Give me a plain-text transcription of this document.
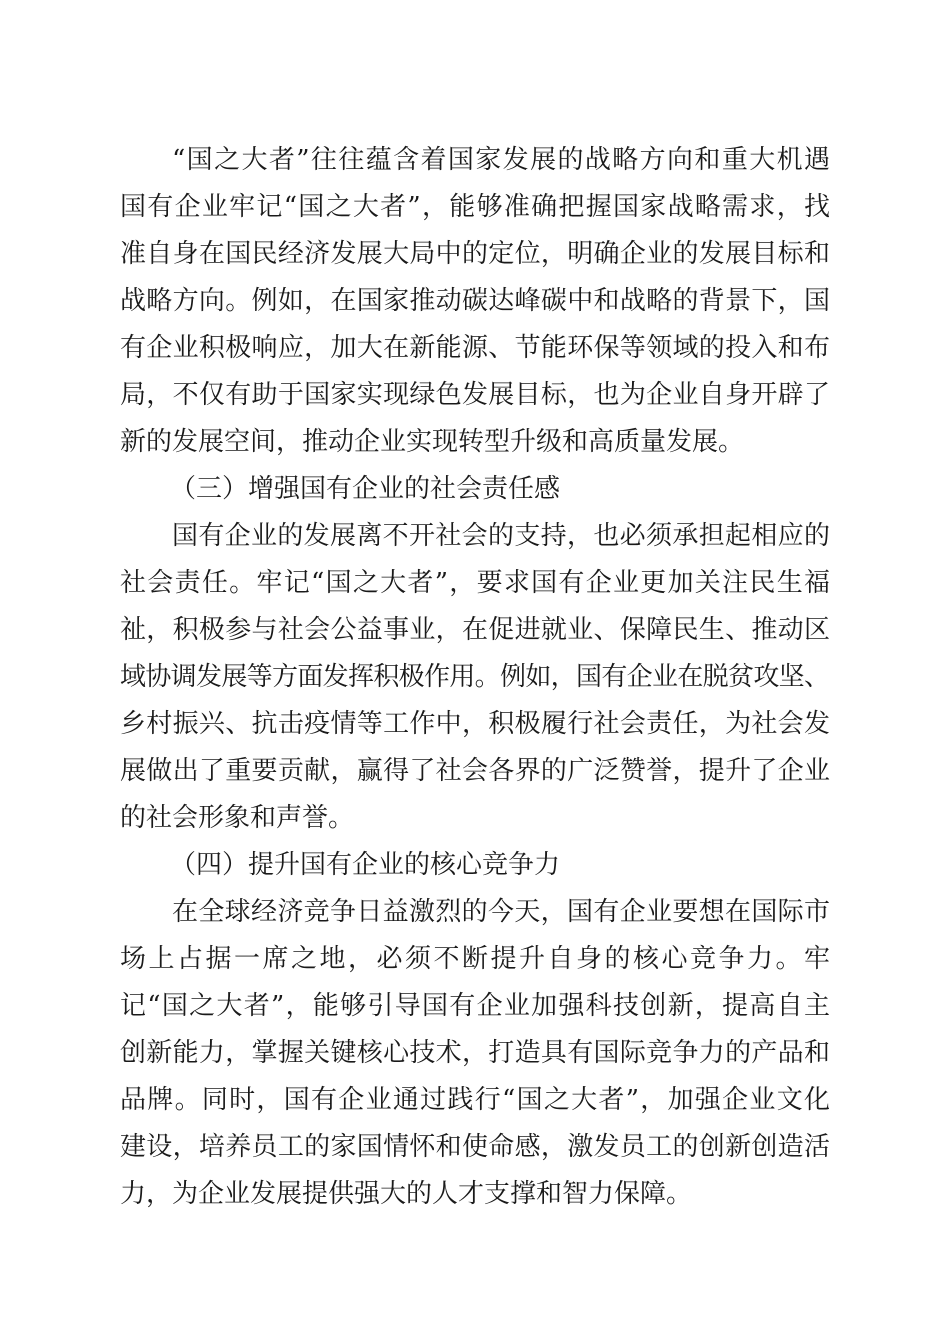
“国之大者”往往蕴含着国家发展的战略方向和重大机遇
国有企业牢记“国之大者”，能够准确把握国家战略需求，找
准自身在国民经济发展大局中的定位，明确企业的发展目标和
战略方向。例如，在国家推动碳达峰碳中和战略的背景下，国
有企业积极响应，加大在新能源、节能环保等领域的投入和布
局，不仅有助于国家实现绿色发展目标，也为企业自身开辟了
新的发展空间，推动企业实现转型升级和高质量发展。
（三）增强国有企业的社会责任感
国有企业的发展离不开社会的支持，也必须承担起相应的
社会责任。牢记“国之大者”，要求国有企业更加关注民生福
祉，积极参与社会公益事业，在促进就业、保障民生、推动区
域协调发展等方面发挥积极作用。例如，国有企业在脱贫攻坚、
乡村振兴、抗击疫情等工作中，积极履行社会责任，为社会发
展做出了重要贡献，赢得了社会各界的广泛赞誉，提升了企业
的社会形象和声誉。
（四）提升国有企业的核心竞争力
在全球经济竞争日益激烈的今天，国有企业要想在国际市
场上占据一席之地，必须不断提升自身的核心竞争力。牢
记“国之大者”，能够引导国有企业加强科技创新，提高自主
创新能力，掌握关键核心技术，打造具有国际竞争力的产品和
品牌。同时，国有企业通过践行“国之大者”，加强企业文化
建设，培养员工的家国情怀和使命感，激发员工的创新创造活
力，为企业发展提供强大的人才支撑和智力保障。
